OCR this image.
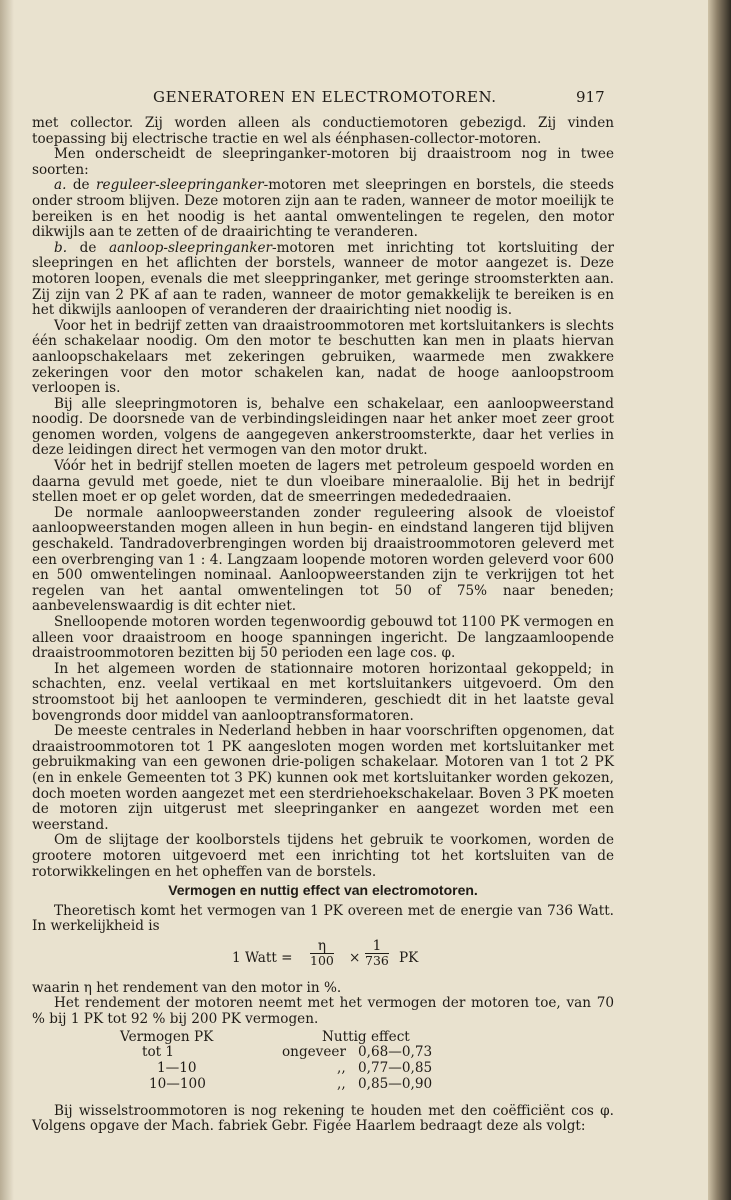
GENERATOREN EN ELECTROMOTOREN.	917

met collector. Zij worden alleen als conductiemotoren gebezigd. Zij vinden toepassing bij electrische tractie en wel als éénphasen-collector-motoren.

Men onderscheidt de sleepringanker-motoren bij draaistroom nog in twee soorten:

a. de reguleer-sleepringanker-motoren met sleepringen en borstels, die steeds onder stroom blijven. Deze motoren zijn aan te raden, wanneer de motor moeilijk te bereiken is en het noodig is het aantal omwentelingen te regelen, den motor dikwijls aan te zetten of de draairichting te veranderen.

b. de aanloop-sleepringanker-motoren met inrichting tot kortsluiting der sleepringen en het aflichten der borstels, wanneer de motor aangezet is. Deze motoren loopen, evenals die met sleeppringanker, met geringe stroomsterkten aan. Zij zijn van 2 PK af aan te raden, wanneer de motor gemakkelijk te bereiken is en het dikwijls aanloopen of veranderen der draairichting niet noodig is.

Voor het in bedrijf zetten van draaistroommotoren met kortsluitankers is slechts één schakelaar noodig. Om den motor te beschutten kan men in plaats hiervan aanloopschakelaars met zekeringen gebruiken, waarmede men zwakkere zekeringen voor den motor schakelen kan, nadat de hooge aanloopstroom verloopen is.

Bij alle sleepringmotoren is, behalve een schakelaar, een aanloopweerstand noodig. De doorsnede van de verbindingsleidingen naar het anker moet zeer groot genomen worden, volgens de aangegeven ankerstroomsterkte, daar het verlies in deze leidingen direct het vermogen van den motor drukt.

Vóór het in bedrijf stellen moeten de lagers met petroleum gespoeld worden en daarna gevuld met goede, niet te dun vloeibare mineraalolie. Bij het in bedrijf stellen moet er op gelet worden, dat de smeerringen medededraaien.

De normale aanloopweerstanden zonder reguleering alsook de vloeistof aanloopweerstanden mogen alleen in hun begin- en eindstand langeren tijd blijven geschakeld. Tandradoverbrengingen worden bij draaistroommotoren geleverd met een overbrenging van 1 : 4. Langzaam loopende motoren worden geleverd voor 600 en 500 omwentelingen nominaal. Aanloopweerstanden zijn te verkrijgen tot het regelen van het aantal omwentelingen tot 50 of 75% naar beneden; aanbevelenswaardig is dit echter niet.

Snelloopende motoren worden tegenwoordig gebouwd tot 1100 PK vermogen en alleen voor draaistroom en hooge spanningen ingericht. De langzaamloopende draaistroommotoren bezitten bij 50 perioden een lage cos. φ.

In het algemeen worden de stationnaire motoren horizontaal gekoppeld; in schachten, enz. veelal vertikaal en met kortsluitankers uitgevoerd. Om den stroomstoot bij het aanloopen te verminderen, geschiedt dit in het laatste geval bovengronds door middel van aanlooptransformatoren.

De meeste centrales in Nederland hebben in haar voorschriften opgenomen, dat draaistroommotoren tot 1 PK aangesloten mogen worden met kortsluitanker met gebruikmaking van een gewonen drie-poligen schakelaar. Motoren van 1 tot 2 PK (en in enkele Gemeenten tot 3 PK) kunnen ook met kortsluitanker worden gekozen, doch moeten worden aangezet met een sterdriehoekschakelaar. Boven 3 PK moeten de motoren zijn uitgerust met sleepringanker en aangezet worden met een weerstand.

Om de slijtage der koolborstels tijdens het gebruik te voorkomen, worden de grootere motoren uitgevoerd met een inrichting tot het kortsluiten van de rotorwikkelingen en het opheffen van de borstels.

Vermogen en nuttig effect van electromotoren.

Theoretisch komt het vermogen van 1 PK overeen met de energie van 736 Watt. In werkelijkheid is

1 Watt = $\frac{\eta}{100} \times \frac{1}{736}$ PK

waarin η het rendement van den motor in %.

Het rendement der motoren neemt met het vermogen der motoren toe, van 70 % bij 1 PK tot 92 % bij 200 PK vermogen.

Vermogen PK	Nuttig effect
tot 1	ongeveer 0,68—0,73
1—10	,, 0,77—0,85
10—100	,, 0,85—0,90

Bij wisselstroommotoren is nog rekening te houden met den coëfficiënt cos φ. Volgens opgave der Mach. fabriek Gebr. Figée Haarlem bedraagt deze als volgt:
